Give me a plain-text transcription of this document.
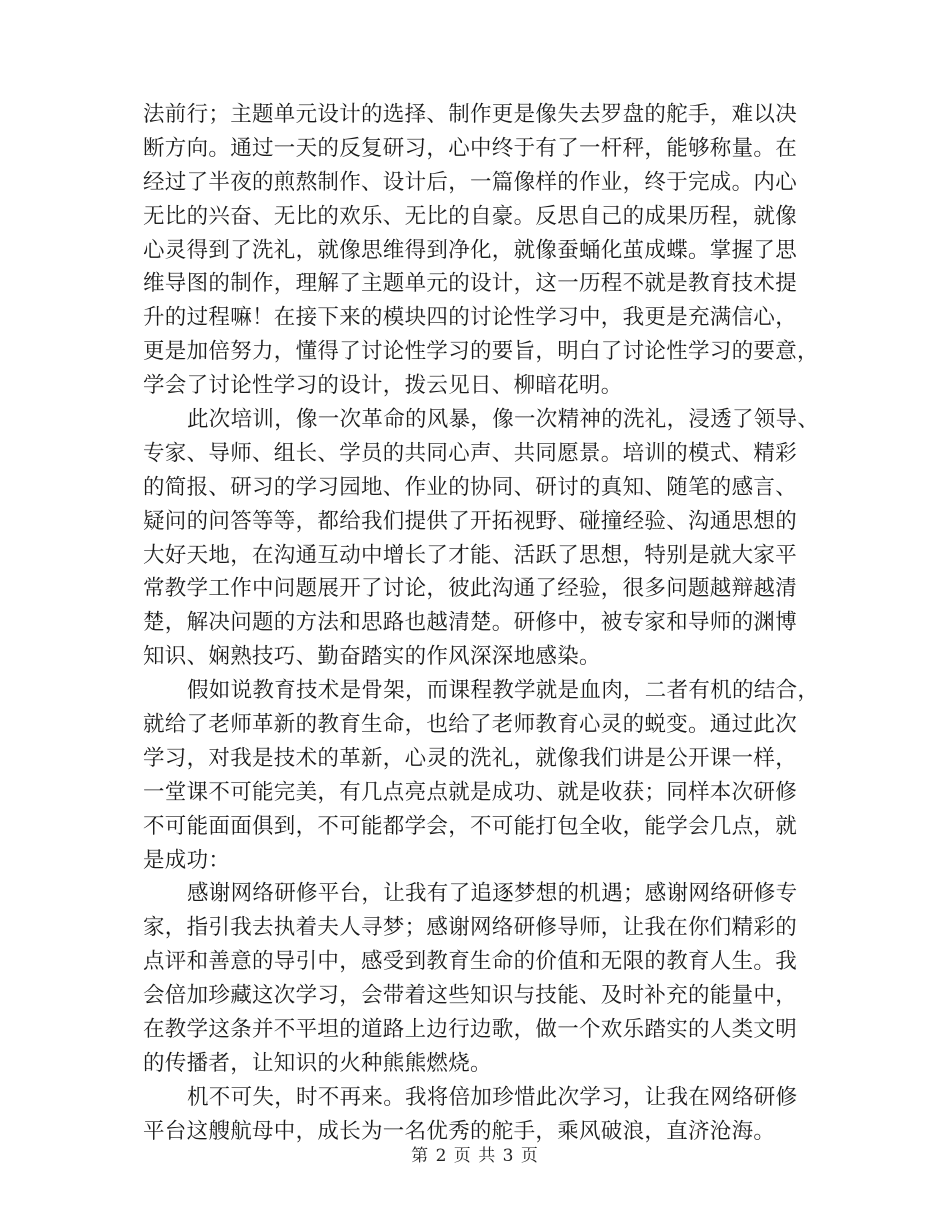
法前行；主题单元设计的选择、制作更是像失去罗盘的舵手，难以决
断方向。通过一天的反复研习，心中终于有了一杆秤，能够称量。在
经过了半夜的煎熬制作、设计后，一篇像样的作业，终于完成。内心
无比的兴奋、无比的欢乐、无比的自豪。反思自己的成果历程，就像
心灵得到了洗礼，就像思维得到净化，就像蚕蛹化茧成蝶。掌握了思
维导图的制作，理解了主题单元的设计，这一历程不就是教育技术提
升的过程嘛！在接下来的模块四的讨论性学习中，我更是充满信心，
更是加倍努力，懂得了讨论性学习的要旨，明白了讨论性学习的要意，
学会了讨论性学习的设计，拨云见日、柳暗花明。
此次培训，像一次革命的风暴，像一次精神的洗礼，浸透了领导、
专家、导师、组长、学员的共同心声、共同愿景。培训的模式、精彩
的简报、研习的学习园地、作业的协同、研讨的真知、随笔的感言、
疑问的问答等等，都给我们提供了开拓视野、碰撞经验、沟通思想的
大好天地，在沟通互动中增长了才能、活跃了思想，特别是就大家平
常教学工作中问题展开了讨论，彼此沟通了经验，很多问题越辩越清
楚，解决问题的方法和思路也越清楚。研修中，被专家和导师的渊博
知识、娴熟技巧、勤奋踏实的作风深深地感染。
假如说教育技术是骨架，而课程教学就是血肉，二者有机的结合，
就给了老师革新的教育生命，也给了老师教育心灵的蜕变。通过此次
学习，对我是技术的革新，心灵的洗礼，就像我们讲是公开课一样，
一堂课不可能完美，有几点亮点就是成功、就是收获；同样本次研修
不可能面面俱到，不可能都学会，不可能打包全收，能学会几点，就
是成功：
感谢网络研修平台，让我有了追逐梦想的机遇；感谢网络研修专
家，指引我去执着夫人寻梦；感谢网络研修导师，让我在你们精彩的
点评和善意的导引中，感受到教育生命的价值和无限的教育人生。我
会倍加珍藏这次学习，会带着这些知识与技能、及时补充的能量中，
在教学这条并不平坦的道路上边行边歌，做一个欢乐踏实的人类文明
的传播者，让知识的火种熊熊燃烧。
机不可失，时不再来。我将倍加珍惜此次学习，让我在网络研修
平台这艘航母中，成长为一名优秀的舵手，乘风破浪，直济沧海。
第 2 页 共 3 页
